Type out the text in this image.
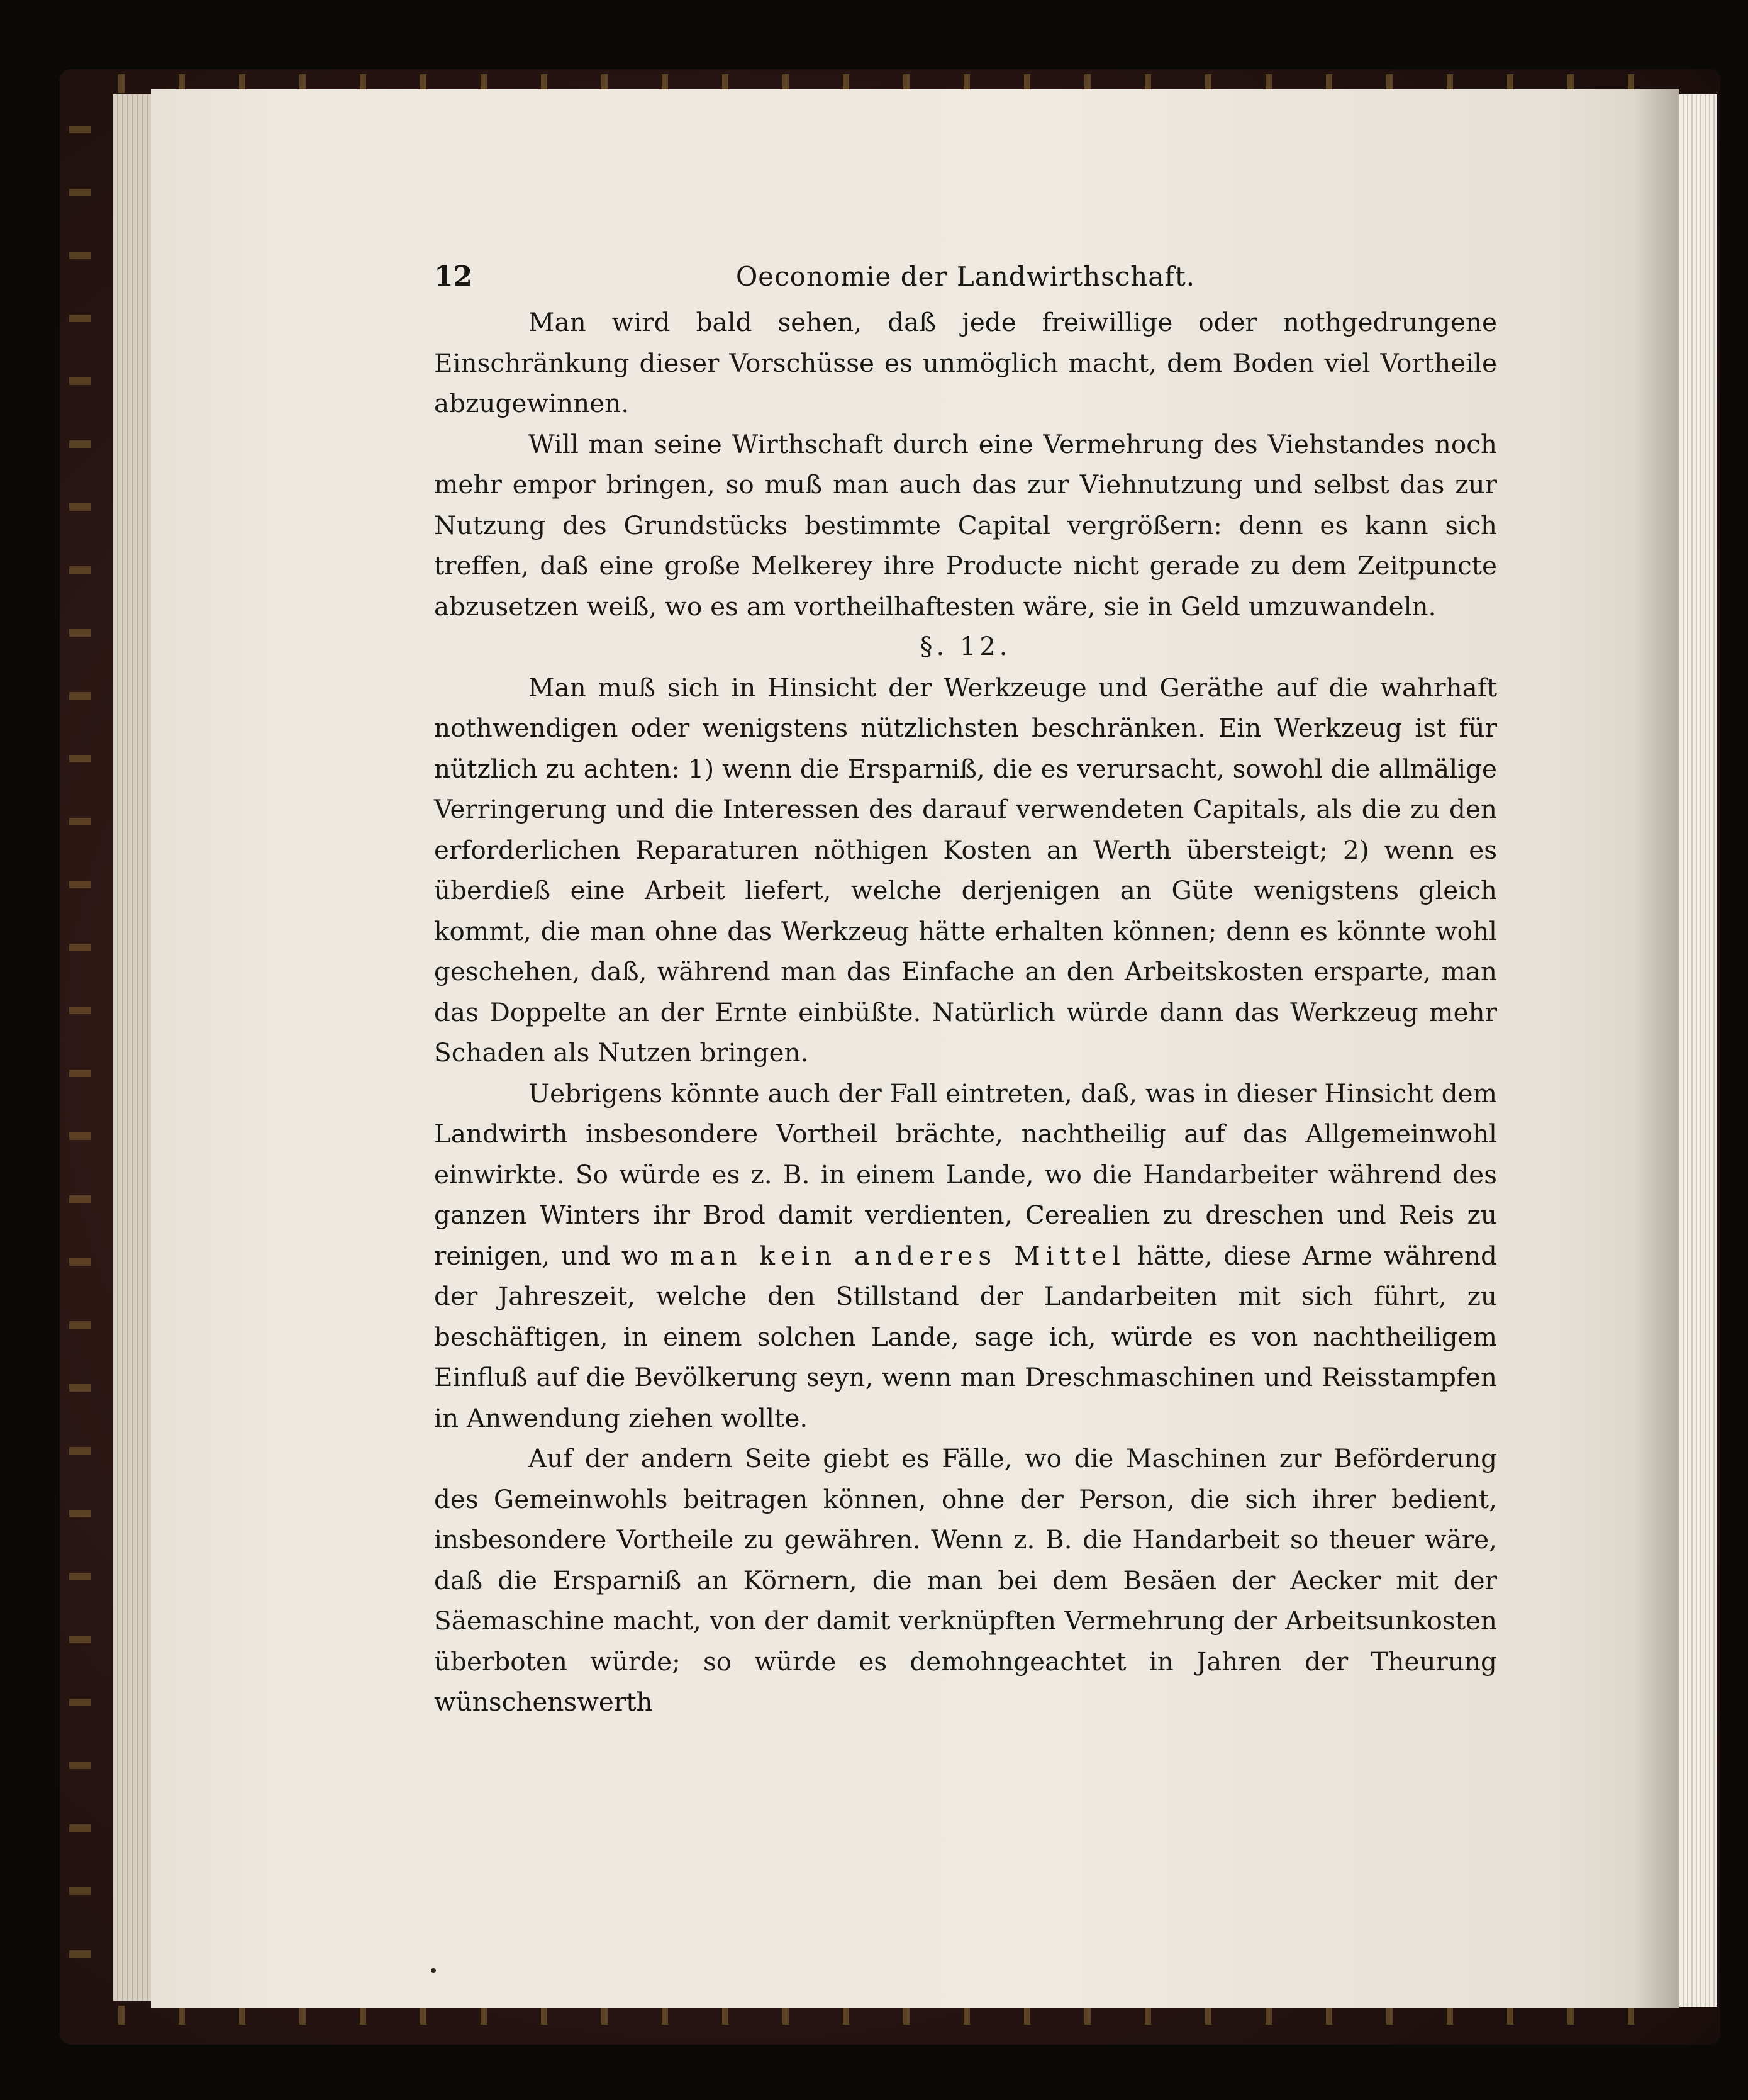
12	Oeconomie der Landwirthschaft.

Man wird bald sehen, daß jede freiwillige oder nothgedrungene Einschränkung dieser Vorschüsse es unmöglich macht, dem Boden viel Vortheile abzugewinnen.

Will man seine Wirthschaft durch eine Vermehrung des Viehstandes noch mehr empor bringen, so muß man auch das zur Viehnutzung und selbst das zur Nutzung des Grundstücks bestimmte Capital vergrößern: denn es kann sich treffen, daß eine große Melkerey ihre Producte nicht gerade zu dem Zeitpuncte abzusetzen weiß, wo es am vortheilhaftesten wäre, sie in Geld umzuwandeln.

§. 12.

Man muß sich in Hinsicht der Werkzeuge und Geräthe auf die wahrhaft nothwendigen oder wenigstens nützlichsten beschränken. Ein Werkzeug ist für nützlich zu achten: 1) wenn die Ersparniß, die es verursacht, sowohl die allmälige Verringerung und die Interessen des darauf verwendeten Capitals, als die zu den erforderlichen Reparaturen nöthigen Kosten an Werth übersteigt; 2) wenn es überdieß eine Arbeit liefert, welche derjenigen an Güte wenigstens gleich kommt, die man ohne das Werkzeug hätte erhalten können; denn es könnte wohl geschehen, daß, während man das Einfache an den Arbeitskosten ersparte, man das Doppelte an der Ernte einbüßte. Natürlich würde dann das Werkzeug mehr Schaden als Nutzen bringen.

Uebrigens könnte auch der Fall eintreten, daß, was in dieser Hinsicht dem Landwirth insbesondere Vortheil brächte, nachtheilig auf das Allgemeinwohl einwirkte. So würde es z. B. in einem Lande, wo die Handarbeiter während des ganzen Winters ihr Brod damit verdienten, Cerealien zu dreschen und Reis zu reinigen, und wo man kein anderes Mittel hätte, diese Arme während der Jahreszeit, welche den Stillstand der Landarbeiten mit sich führt, zu beschäftigen, in einem solchen Lande, sage ich, würde es von nachtheiligem Einfluß auf die Bevölkerung seyn, wenn man Dreschmaschinen und Reisstampfen in Anwendung ziehen wollte.

Auf der andern Seite giebt es Fälle, wo die Maschinen zur Beförderung des Gemeinwohls beitragen können, ohne der Person, die sich ihrer bedient, insbesondere Vortheile zu gewähren. Wenn z. B. die Handarbeit so theuer wäre, daß die Ersparniß an Körnern, die man bei dem Besäen der Aecker mit der Säemaschine macht, von der damit verknüpften Vermehrung der Arbeitsunkosten überboten würde; so würde es demohngeachtet in Jahren der Theurung wünschenswerth
